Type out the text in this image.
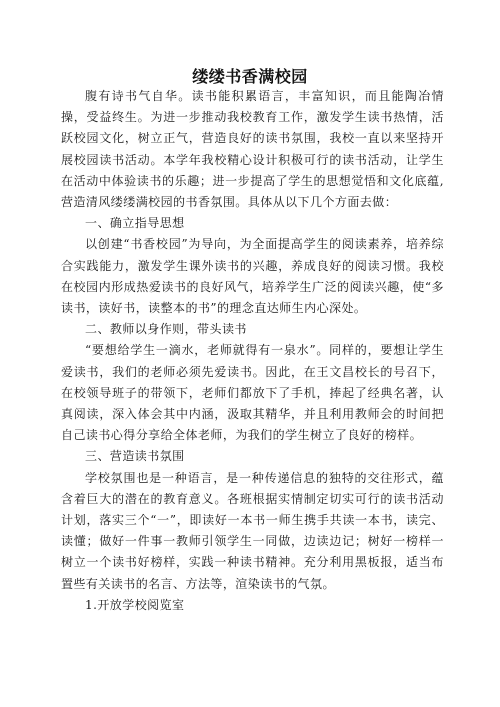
缕缕书香满校园

腹有诗书气自华。读书能积累语言，丰富知识，而且能陶冶情操，受益终生。为进一步推动我校教育工作，激发学生读书热情，活跃校园文化，树立正气，营造良好的读书氛围，我校一直以来坚持开展校园读书活动。本学年我校精心设计积极可行的读书活动，让学生在活动中体验读书的乐趣；进一步提高了学生的思想觉悟和文化底蕴,营造清风缕缕满校园的书香氛围。具体从以下几个方面去做：

一、确立指导思想

以创建“书香校园”为导向，为全面提高学生的阅读素养，培养综合实践能力，激发学生课外读书的兴趣，养成良好的阅读习惯。我校在校园内形成热爱读书的良好风气，培养学生广泛的阅读兴趣，使“多读书，读好书，读整本的书”的理念直达师生内心深处。

二、教师以身作则，带头读书

“要想给学生一滴水，老师就得有一泉水”。同样的，要想让学生爱读书，我们的老师必须先爱读书。因此，在王文昌校长的号召下，在校领导班子的带领下，老师们都放下了手机，捧起了经典名著，认真阅读，深入体会其中内涵，汲取其精华，并且利用教师会的时间把自己读书心得分享给全体老师，为我们的学生树立了良好的榜样。

三、营造读书氛围

学校氛围也是一种语言，是一种传递信息的独特的交往形式，蕴含着巨大的潜在的教育意义。各班根据实情制定切实可行的读书活动计划，落实三个“一”，即读好一本书一师生携手共读一本书，读完、读懂；做好一件事一教师引领学生一同做，边读边记；树好一榜样一树立一个读书好榜样，实践一种读书精神。充分利用黑板报，适当布置些有关读书的名言、方法等，渲染读书的气氛。

1.开放学校阅览室
